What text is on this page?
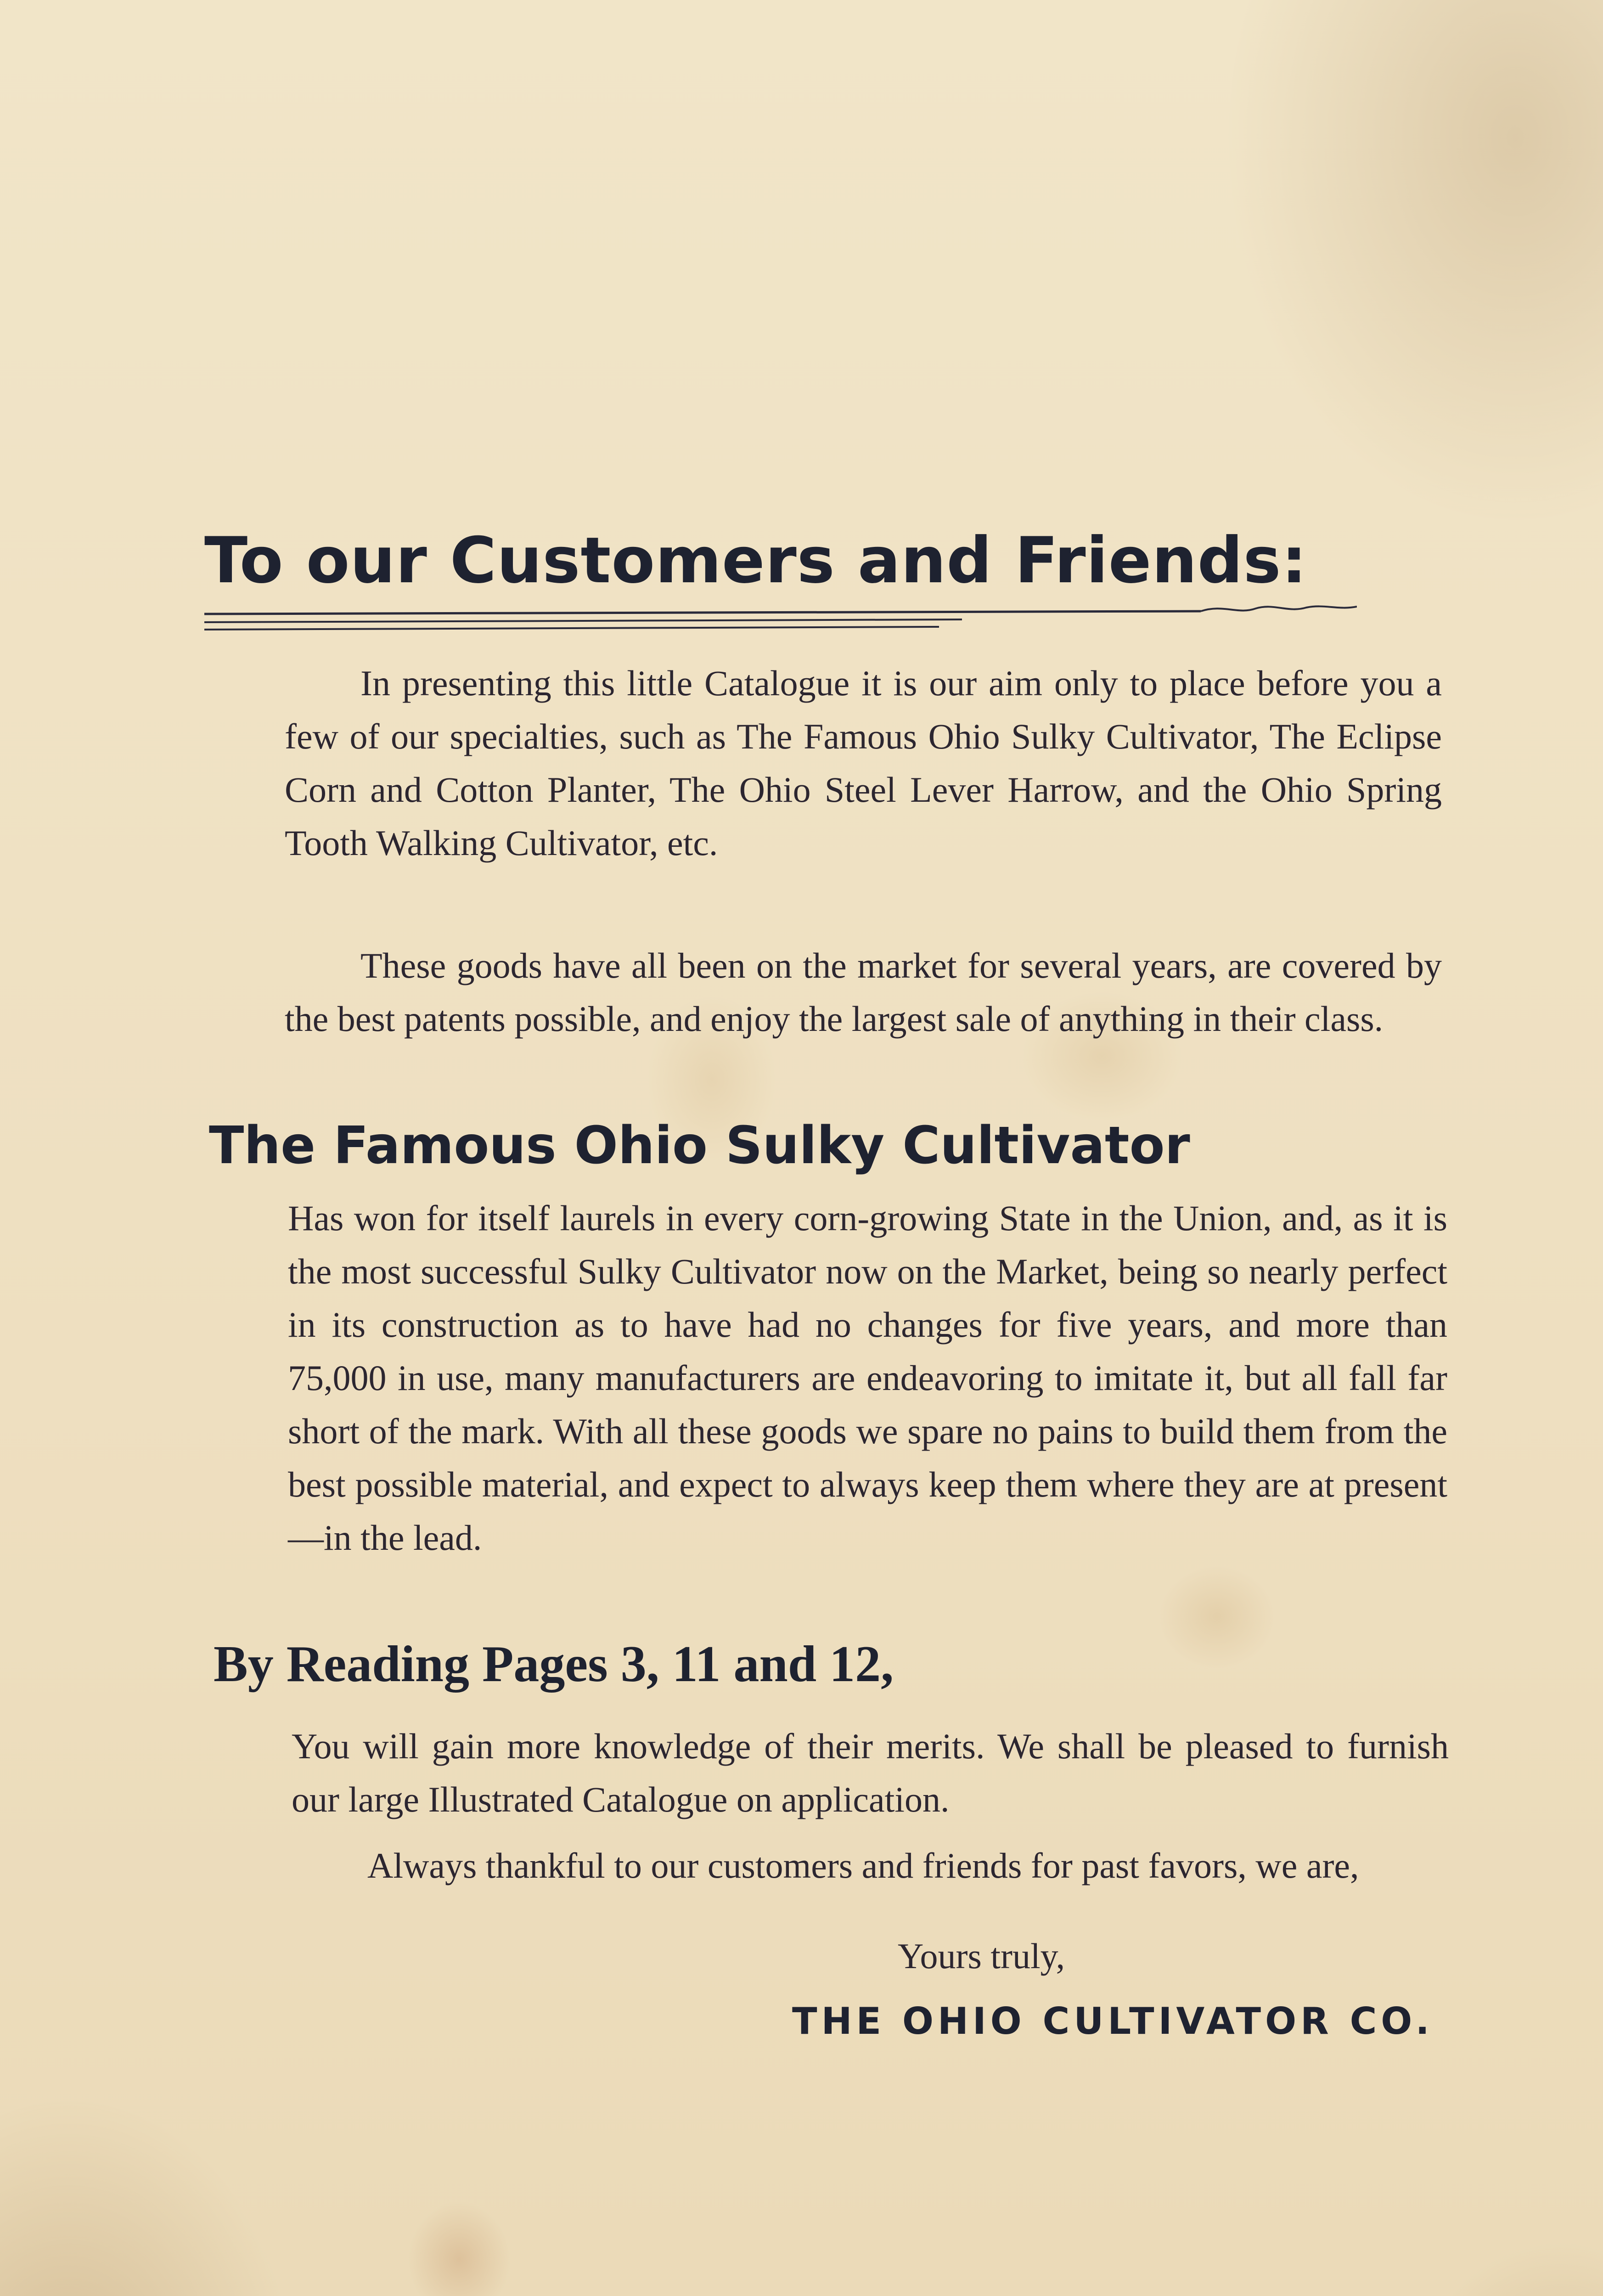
To our Customers and Friends:

In presenting this little Catalogue it is our aim only to place before you a few of our specialties, such as The Famous Ohio Sulky Cultivator, The Eclipse Corn and Cotton Planter, The Ohio Steel Lever Harrow, and the Ohio Spring Tooth Walking Cultivator, etc.

These goods have all been on the market for several years, are covered by the best patents possible, and enjoy the largest sale of anything in their class.

The Famous Ohio Sulky Cultivator

Has won for itself laurels in every corn-growing State in the Union, and, as it is the most successful Sulky Cultivator now on the Market, being so nearly perfect in its construction as to have had no changes for five years, and more than 75,000 in use, many manufacturers are endeavoring to imitate it, but all fall far short of the mark. With all these goods we spare no pains to build them from the best possible material, and expect to always keep them where they are at present—in the lead.

By Reading Pages 3, 11 and 12,

You will gain more knowledge of their merits. We shall be pleased to furnish our large Illustrated Catalogue on application.

Always thankful to our customers and friends for past favors, we are,

Yours truly,

THE OHIO CULTIVATOR CO.
